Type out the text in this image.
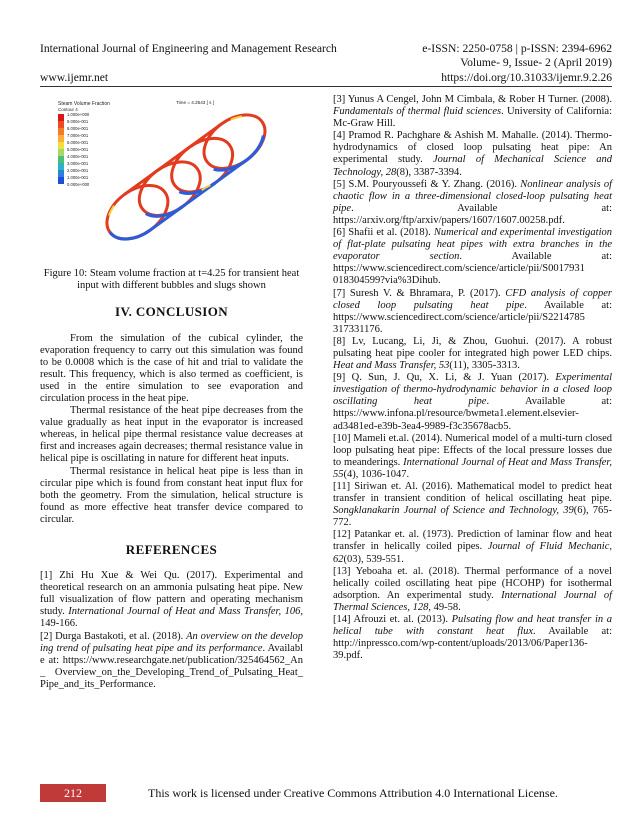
International Journal of Engineering and Management Research	e-ISSN: 2250-0758 | p-ISSN: 2394-6962
Volume- 9, Issue- 2 (April 2019)
www.ijemr.net	https://doi.org/10.31033/ijemr.9.2.26
Steam Volume Fraction
Contour 4
1.000e+000
9.000e-001
8.000e-001
7.000e-001
6.000e-001
5.000e-001
4.000e-001
3.000e-001
2.000e-001
1.000e-001
0.000e+000
Time = 4.2543 [ s ]

Figure 10: Steam volume fraction at t=4.25 for transient heat input with different bubbles and slugs shown

IV. CONCLUSION

From the simulation of the cubical cylinder, the evaporation frequency to carry out this simulation was found to be 0.0008 which is the case of hit and trial to validate the result. This frequency, which is also termed as coefficient, is used in the entire simulation to see evaporation and circulation process in the heat pipe.

Thermal resistance of the heat pipe decreases from the value gradually as heat input in the evaporator is increased whereas, in helical pipe thermal resistance value decreases at first and increases again decreases; thermal resistance value in helical pipe is oscillating in nature for different heat inputs.

Thermal resistance in helical heat pipe is less than in circular pipe which is found from constant heat input flux for both the geometry. From the simulation, helical structure is found as more effective heat transfer device compared to circular.

REFERENCES

[1] Zhi Hu Xue & Wei Qu. (2017). Experimental and theoretical research on an ammonia pulsating heat pipe. New full visualization of flow pattern and operating mechanism study. International Journal of Heat and Mass Transfer, 106, 149-166.

[2] Durga Bastakoti, et al. (2018). An overview on the developing trend of pulsating heat pipe and its performance. Available at: https://www.researchgate.net/publication/325464562_An_ Overview_on_the_Developing_Trend_of_Pulsating_Heat_ Pipe_and_its_Performance.

[3] Yunus A Cengel, John M Cimbala, & Rober H Turner. (2008). Fundamentals of thermal fluid sciences. University of California: Mc-Graw Hill.

[4] Pramod R. Pachghare & Ashish M. Mahalle. (2014). Thermo-hydrodynamics of closed loop pulsating heat pipe: An experimental study. Journal of Mechanical Science and Technology, 28(8), 3387-3394.

[5] S.M. Pouryoussefi & Y. Zhang. (2016). Nonlinear analysis of chaotic flow in a three-dimensional closed-loop pulsating heat pipe. Available at: https://arxiv.org/ftp/arxiv/papers/1607/1607.00258.pdf.

[6] Shafii et al. (2018). Numerical and experimental investigation of flat-plate pulsating heat pipes with extra branches in the evaporator section. Available at: https://www.sciencedirect.com/science/article/pii/S0017931 018304599?via%3Dihub.

[7] Suresh V. & Bhramara, P. (2017). CFD analysis of copper closed loop pulsating heat pipe. Available at: https://www.sciencedirect.com/science/article/pii/S2214785 317331176.

[8] Lv, Lucang, Li, Ji, & Zhou, Guohui. (2017). A robust pulsating heat pipe cooler for integrated high power LED chips. Heat and Mass Transfer, 53(11), 3305-3313.

[9] Q. Sun, J. Qu, X. Li, & J. Yuan (2017). Experimental investigation of thermo-hydrodynamic behavior in a closed loop oscillating heat pipe. Available at: https://www.infona.pl/resource/bwmeta1.element.elsevier-ad3481ed-e39b-3ea4-9989-f3c35678acb5.

[10] Mameli et.al. (2014). Numerical model of a multi-turn closed loop pulsating heat pipe: Effects of the local pressure losses due to meanderings. International Journal of Heat and Mass Transfer, 55(4), 1036-1047.

[11] Siriwan et. Al. (2016). Mathematical model to predict heat transfer in transient condition of helical oscillating heat pipe. Songklanakarin Journal of Science and Technology, 39(6), 765-772.

[12] Patankar et. al. (1973). Prediction of laminar flow and heat transfer in helically coiled pipes. Journal of Fluid Mechanic, 62(03), 539-551.

[13] Yeboaha et. al. (2018). Thermal performance of a novel helically coiled oscillating heat pipe (HCOHP) for isothermal adsorption. An experimental study. International Journal of Thermal Sciences, 128, 49-58.

[14] Afrouzi et. al. (2013). Pulsating flow and heat transfer in a helical tube with constant heat flux. Available at: http://inpressco.com/wp-content/uploads/2013/06/Paper136-39.pdf.

212	This work is licensed under Creative Commons Attribution 4.0 International License.
